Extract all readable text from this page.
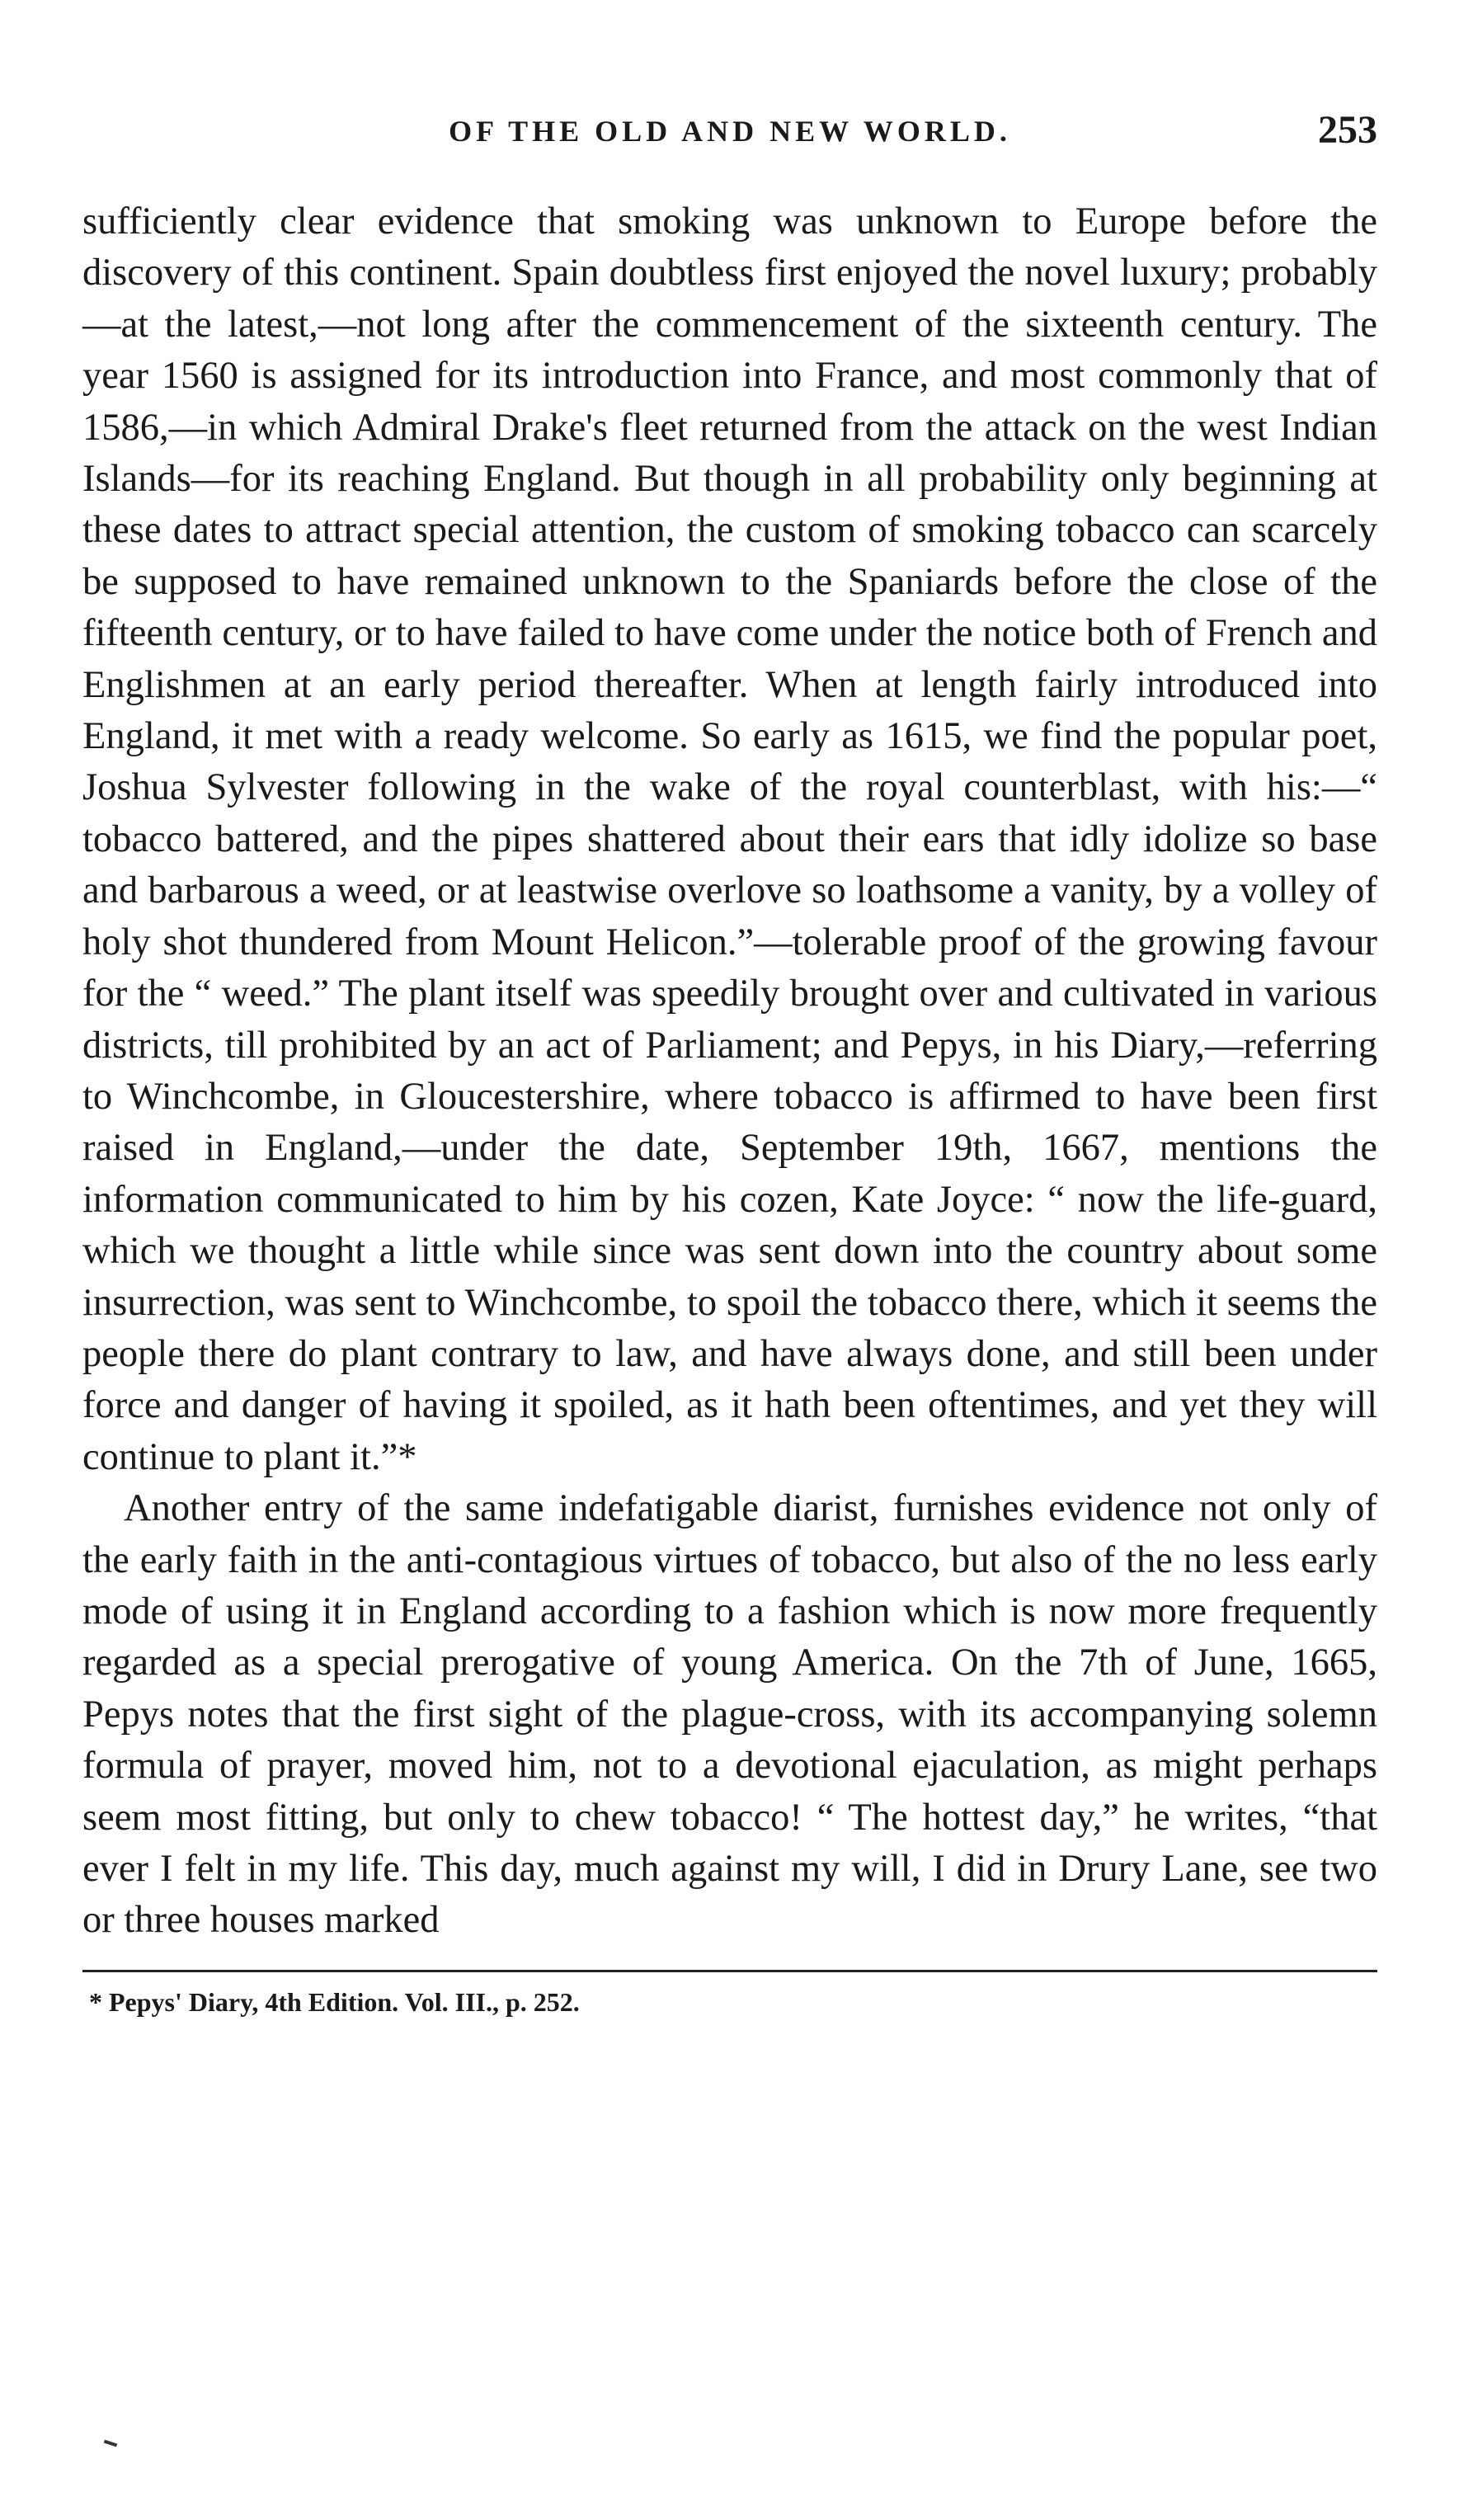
OF THE OLD AND NEW WORLD.	253

sufficiently clear evidence that smoking was unknown to Europe before the discovery of this continent. Spain doubtless first enjoyed the novel luxury; probably—at the latest,—not long after the commencement of the sixteenth century. The year 1560 is assigned for its introduction into France, and most commonly that of 1586,—in which Admiral Drake's fleet returned from the attack on the west Indian Islands—for its reaching England. But though in all probability only beginning at these dates to attract special attention, the custom of smoking tobacco can scarcely be supposed to have remained unknown to the Spaniards before the close of the fifteenth century, or to have failed to have come under the notice both of French and Englishmen at an early period thereafter. When at length fairly introduced into England, it met with a ready welcome. So early as 1615, we find the popular poet, Joshua Sylvester following in the wake of the royal counterblast, with his:—“ tobacco battered, and the pipes shattered about their ears that idly idolize so base and barbarous a weed, or at leastwise overlove so loathsome a vanity, by a volley of holy shot thundered from Mount Helicon.”—tolerable proof of the growing favour for the “ weed.” The plant itself was speedily brought over and cultivated in various districts, till prohibited by an act of Parliament; and Pepys, in his Diary,—referring to Winchcombe, in Gloucestershire, where tobacco is affirmed to have been first raised in England,—under the date, September 19th, 1667, mentions the information communicated to him by his cozen, Kate Joyce: “ now the life-guard, which we thought a little while since was sent down into the country about some insurrection, was sent to Winchcombe, to spoil the tobacco there, which it seems the people there do plant contrary to law, and have always done, and still been under force and danger of having it spoiled, as it hath been oftentimes, and yet they will continue to plant it.”*

Another entry of the same indefatigable diarist, furnishes evidence not only of the early faith in the anti-contagious virtues of tobacco, but also of the no less early mode of using it in England according to a fashion which is now more frequently regarded as a special prerogative of young America. On the 7th of June, 1665, Pepys notes that the first sight of the plague-cross, with its accompanying solemn formula of prayer, moved him, not to a devotional ejaculation, as might perhaps seem most fitting, but only to chew tobacco! “ The hottest day,” he writes, “that ever I felt in my life. This day, much against my will, I did in Drury Lane, see two or three houses marked

* Pepys' Diary, 4th Edition. Vol. III., p. 252.
